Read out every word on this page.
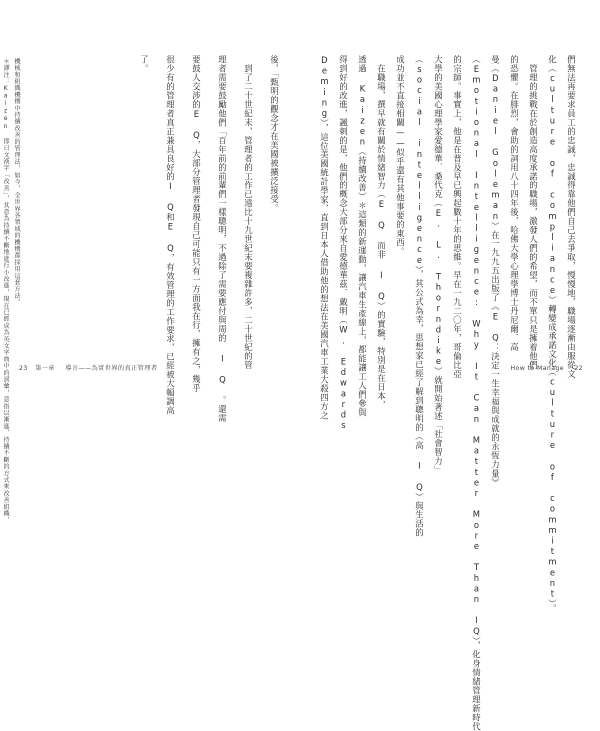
＊譯注：Kaizen 即日文漢字「改善」，其意為持續不斷地進行小改進，現在已經成為英文字典中的詞彙，意指以漸進、持續不斷的方式來改善組織， 機械和組織機構中持續改善的管理法，如今，全世界各領域的機構都採用這套方法。	了。 很少有的管理者真正兼具良好的I Q和E Q，有效管理的工作要求，已經被大幅調高 要鼓人交涉的E Q，大部分管理者發現自己可能只有一方面我在行，擁有之，幾乎 理者需要鼓勵他們「百年前的前輩們一樣聰明，不過除了需要應付與周的 I Q 。還需 　到了二十世紀末，管理者的工作已遠比十九世紀末要複雜許多，二十世紀的管 後，「甄明的觀念才在美國被擴泛接受。
23 第一章 導言——為實世界的真正管理者	Deming），這位美國統計學家，直到日本人借助他的想法在美國汽車工業大殺四方之 得到好的改進，諷刺的是，他們的概念大部分來自愛德華茲．戴明（W. Edwards 透過 Kaizen（持續改善）＊這類的新運動，讓汽車生產線上，都能讓工人們參與 　在職場，撰早就有關於情緒智力（E Q 而非 I Q）的實驗，特別是在日本， 成功並不直接相關——似乎還有其他事要的東西。 （social intelligence），其公式為幸，思想家已經了解到聰明的（高 I Q）與生活的 大學的美國心理學家愛德華．桑代克（E. L. Thorndike）就開始著述「社會智力」 的宗師。事實上，他是在普及早已興起數十年的思維。早在一九二〇年，哥倫比亞 （Emotional Intelligence: Why It Can Matter More Than IQ），化身情緒管理新時代 曼（Daniel Goleman）在一九九五出版了《E Q：決定一生幸福與成就的永恆力量》 的恐懼。在腓烈，會助的詞用八十四年後，哈佛大學心理學博士丹尼爾．高 　管理的挑戰在於創造高度承諾的職場，激發人們的希望，而不單只是擁着他們 化（culture of compliance）轉變成承諾文化（culture of commitment）。 們無法再要求員工的忠誠，忠誠得靠他們自己去爭取，慢慢地，職場逐漸由服從文
How to Manage 22
